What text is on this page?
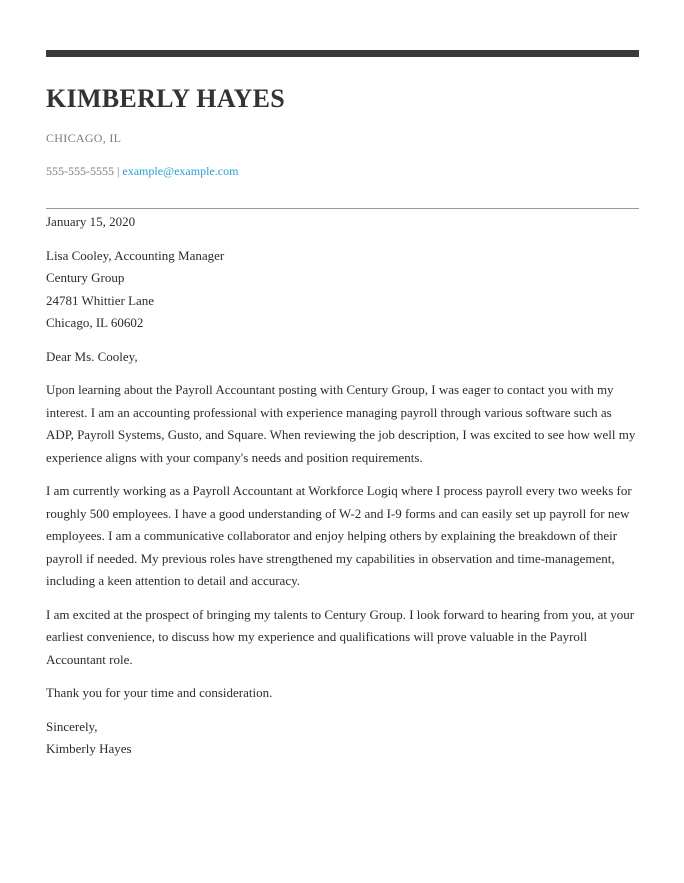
KIMBERLY HAYES
CHICAGO, IL
555-555-5555 | example@example.com

January 15, 2020

Lisa Cooley, Accounting Manager

Century Group

24781 Whittier Lane

Chicago, IL 60602

Dear Ms. Cooley,

Upon learning about the Payroll Accountant posting with Century Group, I was eager to contact you with my interest. I am an accounting professional with experience managing payroll through various software such as ADP, Payroll Systems, Gusto, and Square. When reviewing the job description, I was excited to see how well my experience aligns with your company's needs and position requirements.

I am currently working as a Payroll Accountant at Workforce Logiq where I process payroll every two weeks for roughly 500 employees. I have a good understanding of W-2 and I-9 forms and can easily set up payroll for new employees. I am a communicative collaborator and enjoy helping others by explaining the breakdown of their payroll if needed. My previous roles have strengthened my capabilities in observation and time-management, including a keen attention to detail and accuracy.

I am excited at the prospect of bringing my talents to Century Group. I look forward to hearing from you, at your earliest convenience, to discuss how my experience and qualifications will prove valuable in the Payroll Accountant role.

Thank you for your time and consideration.

Sincerely,

Kimberly Hayes
